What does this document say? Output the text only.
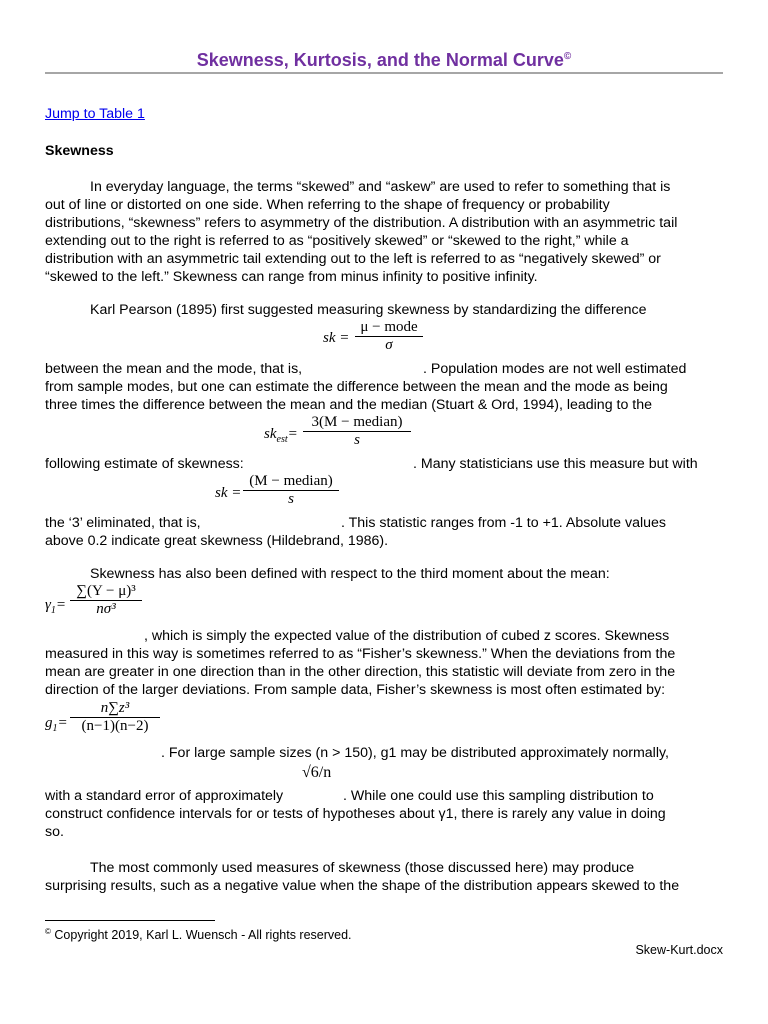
Skewness, Kurtosis, and the Normal Curve©
Jump to Table 1
Skewness
In everyday language, the terms “skewed” and “askew” are used to refer to something that is
out of line or distorted on one side. When referring to the shape of frequency or probability
distributions, “skewness” refers to asymmetry of the distribution. A distribution with an asymmetric tail
extending out to the right is referred to as “positively skewed” or “skewed to the right,” while a
distribution with an asymmetric tail extending out to the left is referred to as “negatively skewed” or
“skewed to the left.” Skewness can range from minus infinity to positive infinity.
Karl Pearson (1895) first suggested measuring skewness by standardizing the difference
sk =
μ − mode
σ
between the mean and the mode, that is,	. Population modes are not well estimated
from sample modes, but one can estimate the difference between the mean and the mode as being
three times the difference between the mean and the median (Stuart & Ord, 1994), leading to the
$sk_{est}=$
3(M − median)
s
following estimate of skewness:	. Many statisticians use this measure but with
sk =
(M − median)
s
the ‘3’ eliminated, that is,	. This statistic ranges from -1 to +1. Absolute values
above 0.2 indicate great skewness (Hildebrand, 1986).
Skewness has also been defined with respect to the third moment about the mean:
$\gamma_1= \frac{\text{∑(Y − μ)³}}{\text{nσ³}}$
, which is simply the expected value of the distribution of cubed z scores. Skewness
measured in this way is sometimes referred to as “Fisher’s skewness.” When the deviations from the
mean are greater in one direction than in the other direction, this statistic will deviate from zero in the
direction of the larger deviations. From sample data, Fisher’s skewness is most often estimated by:
$g_1= \frac{\text{n∑z³}}{(n-1)(n-2)}$
. For large sample sizes (n > 150), g1 may be distributed approximately normally,
√6/n
with a standard error of approximately	. While one could use this sampling distribution to
construct confidence intervals for or tests of hypotheses about γ1, there is rarely any value in doing
so.
The most commonly used measures of skewness (those discussed here) may produce
surprising results, such as a negative value when the shape of the distribution appears skewed to the
© Copyright 2019, Karl L. Wuensch - All rights reserved.
Skew-Kurt.docx
